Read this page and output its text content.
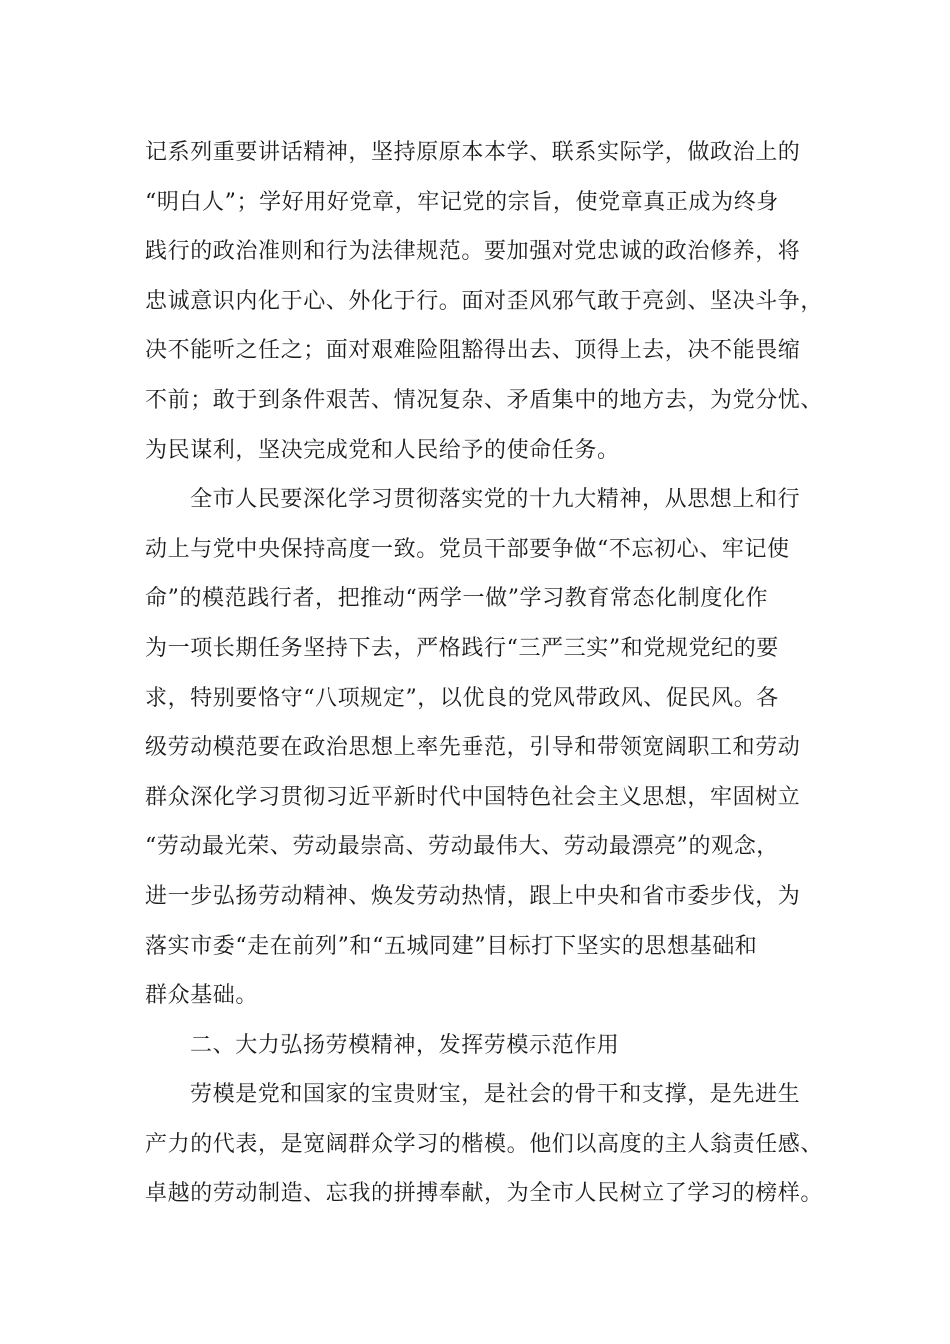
记系列重要讲话精神，坚持原原本本学、联系实际学，做政治上的
“明白人”；学好用好党章，牢记党的宗旨，使党章真正成为终身
践行的政治准则和行为法律规范。要加强对党忠诚的政治修养，将
忠诚意识内化于心、外化于行。面对歪风邪气敢于亮剑、坚决斗争，
决不能听之任之；面对艰难险阻豁得出去、顶得上去，决不能畏缩
不前；敢于到条件艰苦、情况复杂、矛盾集中的地方去，为党分忧、
为民谋利，坚决完成党和人民给予的使命任务。
全市人民要深化学习贯彻落实党的十九大精神，从思想上和行
动上与党中央保持高度一致。党员干部要争做“不忘初心、牢记使
命”的模范践行者，把推动“两学一做”学习教育常态化制度化作
为一项长期任务坚持下去，严格践行“三严三实”和党规党纪的要
求，特别要恪守“八项规定”，以优良的党风带政风、促民风。各
级劳动模范要在政治思想上率先垂范，引导和带领宽阔职工和劳动
群众深化学习贯彻习近平新时代中国特色社会主义思想，牢固树立
“劳动最光荣、劳动最崇高、劳动最伟大、劳动最漂亮”的观念，
进一步弘扬劳动精神、焕发劳动热情，跟上中央和省市委步伐，为
落实市委“走在前列”和“五城同建”目标打下坚实的思想基础和
群众基础。
二、大力弘扬劳模精神，发挥劳模示范作用
劳模是党和国家的宝贵财宝，是社会的骨干和支撑，是先进生
产力的代表，是宽阔群众学习的楷模。他们以高度的主人翁责任感、
卓越的劳动制造、忘我的拼搏奉献，为全市人民树立了学习的榜样。
